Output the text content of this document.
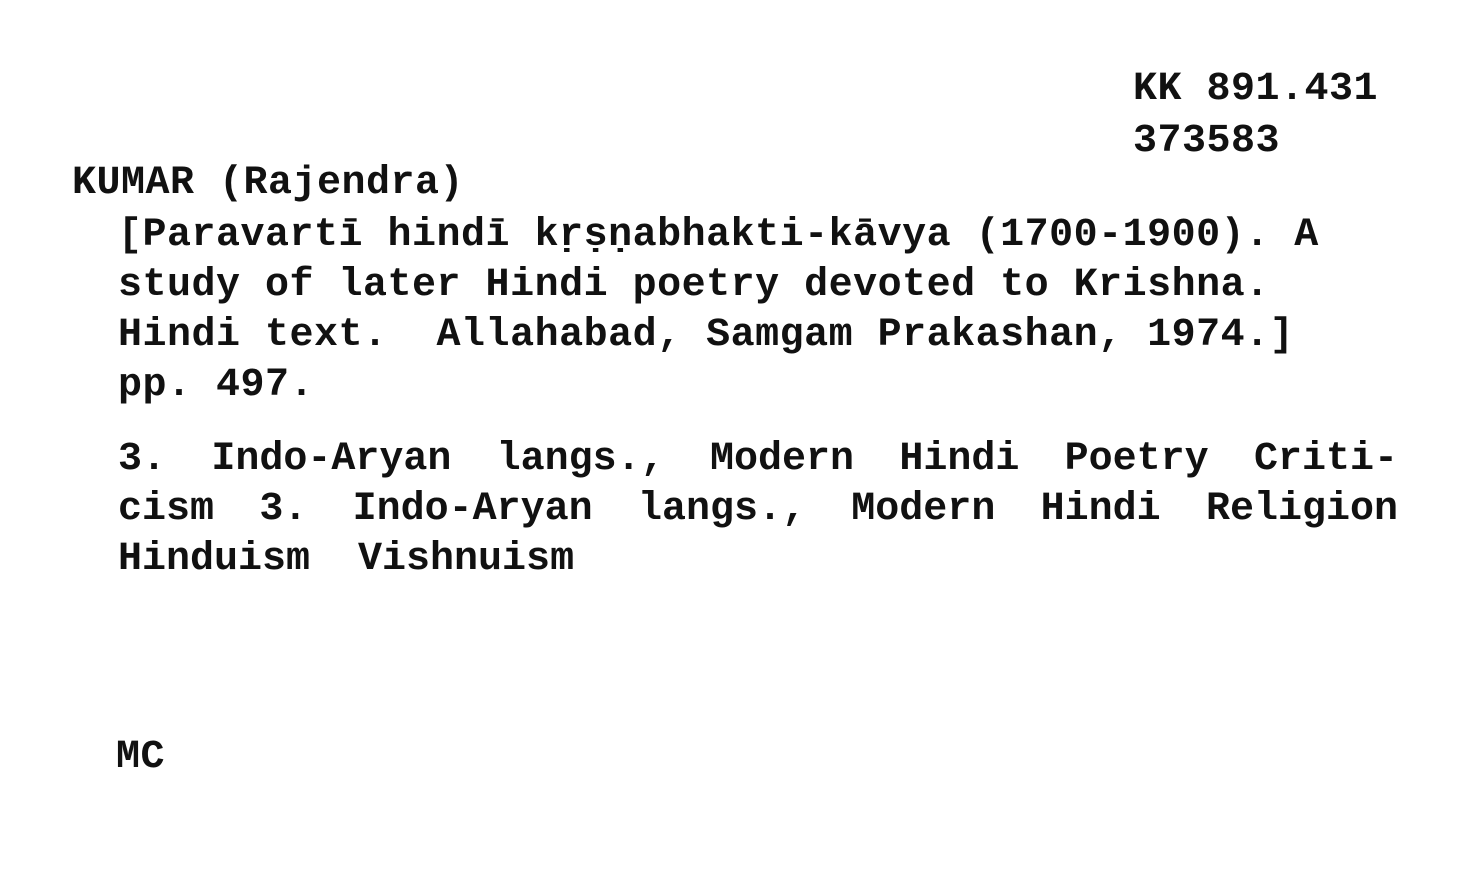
KK 891.431
373583
KUMAR (Rajendra)
[Paravartī hindī kṛṣṇabhakti-kāvya (1700-1900). A
study of later Hindi poetry devoted to Krishna.
Hindi text.  Allahabad, Samgam Prakashan, 1974.]
pp. 497.
3. Indo-Aryan langs., Modern Hindi Poetry Criti-
cism 3. Indo-Aryan langs., Modern Hindi Religion
Hinduism Vishnuism
MC
